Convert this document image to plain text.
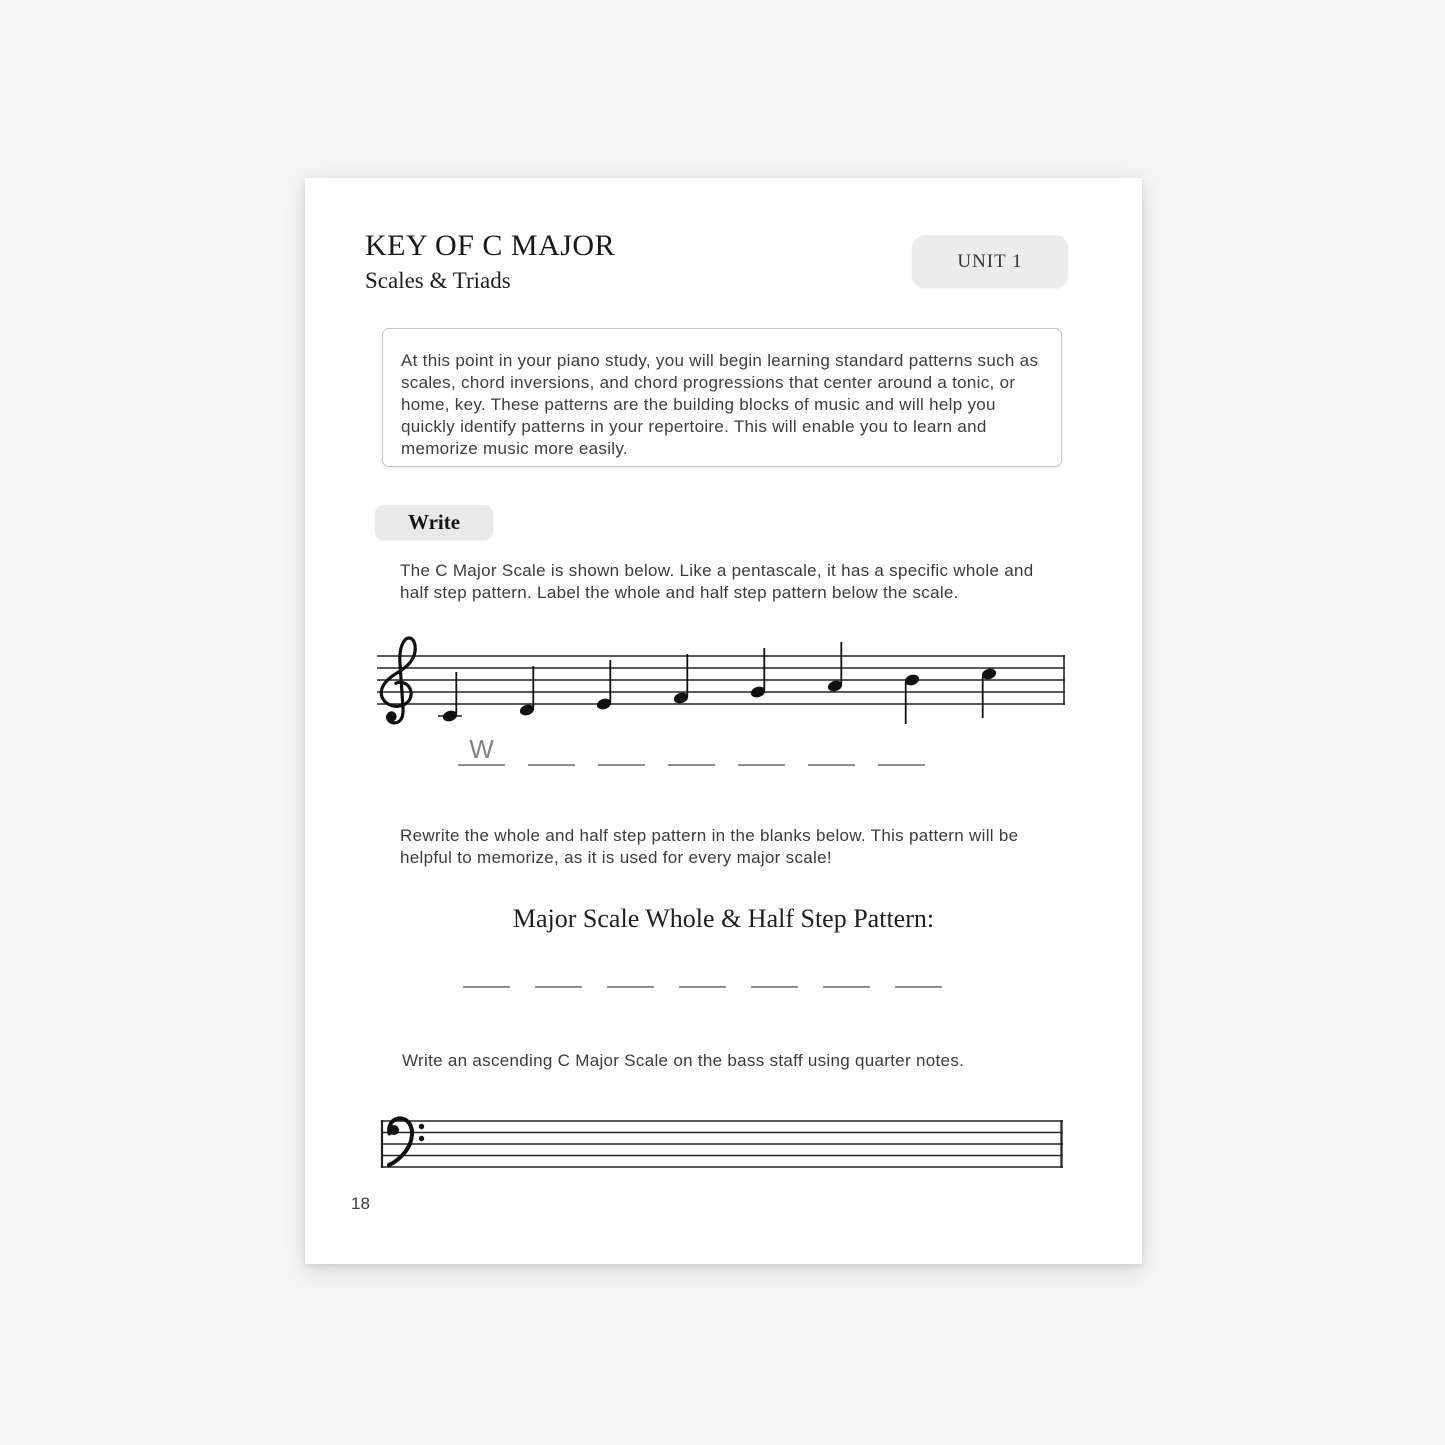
KEY OF C MAJOR
Scales & Triads
UNIT 1

At this point in your piano study, you will begin learning standard patterns such as scales, chord inversions, and chord progressions that center around a tonic, or home, key. These patterns are the building blocks of music and will help you quickly identify patterns in your repertoire. This will enable you to learn and memorize music more easily.

Write

The C Major Scale is shown below. Like a pentascale, it has a specific whole and half step pattern. Label the whole and half step pattern below the scale.

W

Rewrite the whole and half step pattern in the blanks below. This pattern will be helpful to memorize, as it is used for every major scale!

Major Scale Whole & Half Step Pattern:

Write an ascending C Major Scale on the bass staff using quarter notes.

18
